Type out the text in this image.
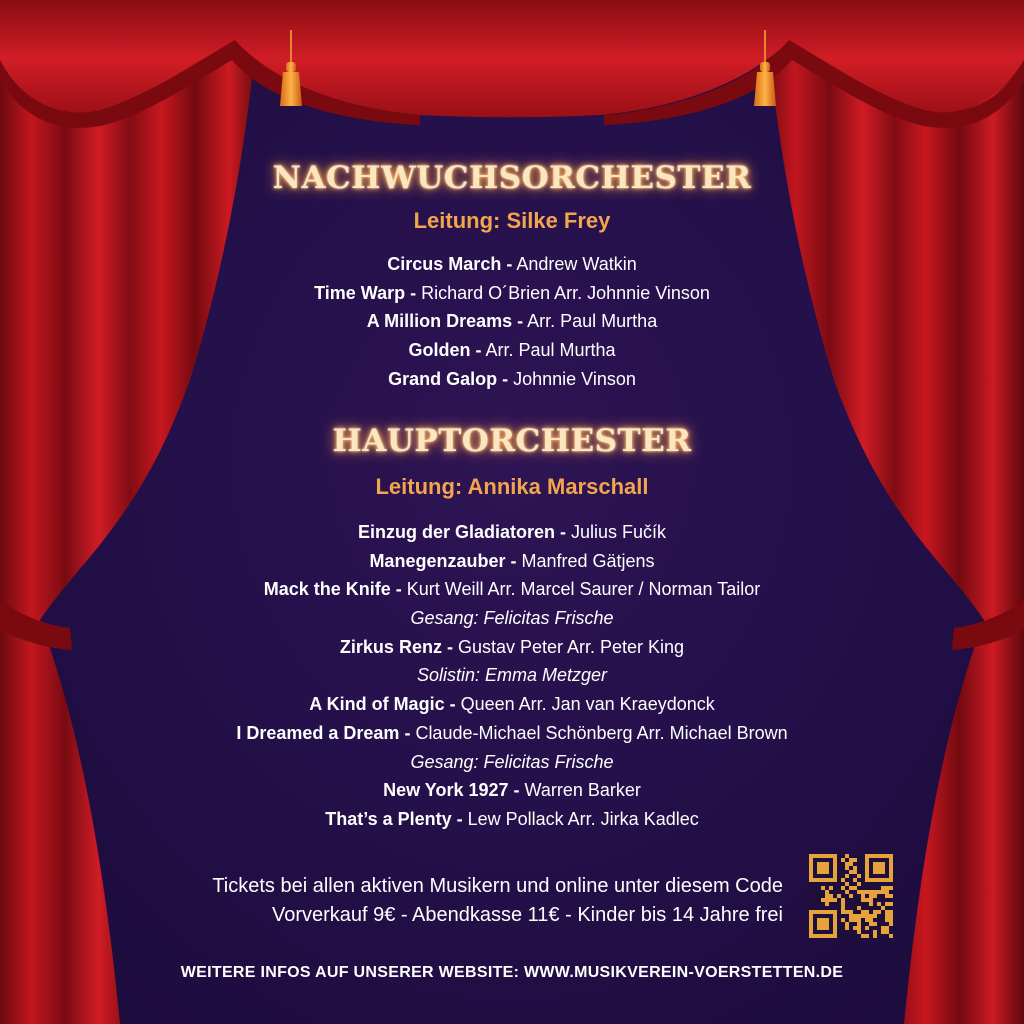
NACHWUCHSORCHESTER
Leitung: Silke Frey
Circus March - Andrew Watkin
Time Warp - Richard O´Brien Arr. Johnnie Vinson
A Million Dreams - Arr. Paul Murtha
Golden - Arr. Paul Murtha
Grand Galop - Johnnie Vinson
HAUPTORCHESTER
Leitung: Annika Marschall
Einzug der Gladiatoren - Julius Fučík
Manegenzauber - Manfred Gätjens
Mack the Knife - Kurt Weill Arr. Marcel Saurer / Norman Tailor
Gesang: Felicitas Frische
Zirkus Renz - Gustav Peter Arr. Peter King
Solistin: Emma Metzger
A Kind of Magic - Queen Arr. Jan van Kraeydonck
I Dreamed a Dream - Claude-Michael Schönberg Arr. Michael Brown
Gesang: Felicitas Frische
New York 1927 - Warren Barker
That’s a Plenty - Lew Pollack Arr. Jirka Kadlec
Tickets bei allen aktiven Musikern und online unter diesem Code
Vorverkauf 9€ - Abendkasse 11€ - Kinder bis 14 Jahre frei
WEITERE INFOS AUF UNSERER WEBSITE: WWW.MUSIKVEREIN-VOERSTETTEN.DE
